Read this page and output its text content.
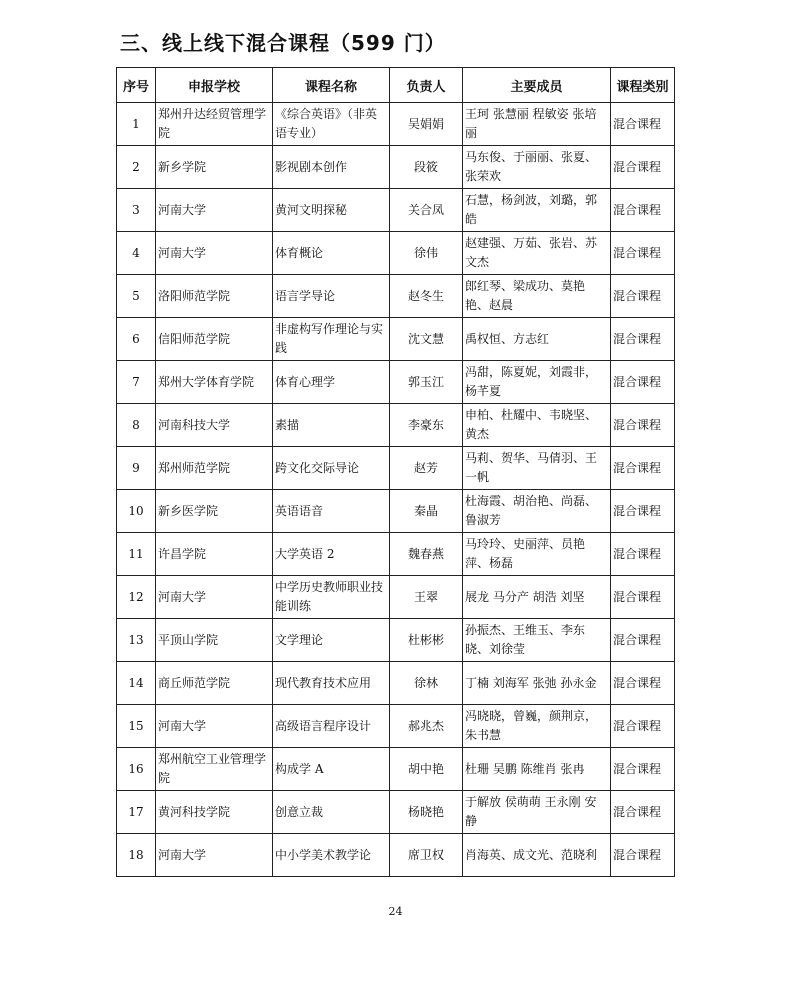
三、线上线下混合课程（599 门）
序号	申报学校	课程名称	负责人	主要成员	课程类别
1	郑州升达经贸管理学院	《综合英语》（非英语专业）	吴娟娟	王珂 张慧丽 程敏姿 张培丽	混合课程
2	新乡学院	影视剧本创作	段筱	马东俊、于丽丽、张夏、张荣欢	混合课程
3	河南大学	黄河文明探秘	关合凤	石慧，杨剑波，刘璐，郭皓	混合课程
4	河南大学	体育概论	徐伟	赵建强、万茹、张岩、苏文杰	混合课程
5	洛阳师范学院	语言学导论	赵冬生	郎红琴、梁成功、莫艳艳、赵晨	混合课程
6	信阳师范学院	非虚构写作理论与实践	沈文慧	禹权恒、方志红	混合课程
7	郑州大学体育学院	体育心理学	郭玉江	冯甜，陈夏妮，刘霞非，杨芊夏	混合课程
8	河南科技大学	素描	李豪东	申柏、杜耀中、韦晓坚、黄杰	混合课程
9	郑州师范学院	跨文化交际导论	赵芳	马莉、贺华、马倩羽、王一帆	混合课程
10	新乡医学院	英语语音	秦晶	杜海霞、胡治艳、尚磊、鲁淑芳	混合课程
11	许昌学院	大学英语 2	魏春燕	马玲玲、史丽萍、员艳萍、杨磊	混合课程
12	河南大学	中学历史教师职业技能训练	王翠	展龙 马分产 胡浩 刘坚	混合课程
13	平顶山学院	文学理论	杜彬彬	孙振杰、王维玉、李东晓、刘徐莹	混合课程
14	商丘师范学院	现代教育技术应用	徐林	丁楠 刘海军 张弛 孙永金	混合课程
15	河南大学	高级语言程序设计	郝兆杰	冯晓晓，曾巍，颜荆京，朱书慧	混合课程
16	郑州航空工业管理学院	构成学 A	胡中艳	杜珊 吴鹏 陈维肖 张冉	混合课程
17	黄河科技学院	创意立裁	杨晓艳	于解放 侯萌萌 王永刚 安静	混合课程
18	河南大学	中小学美术教学论	席卫权	肖海英、成文光、范晓利	混合课程
24
